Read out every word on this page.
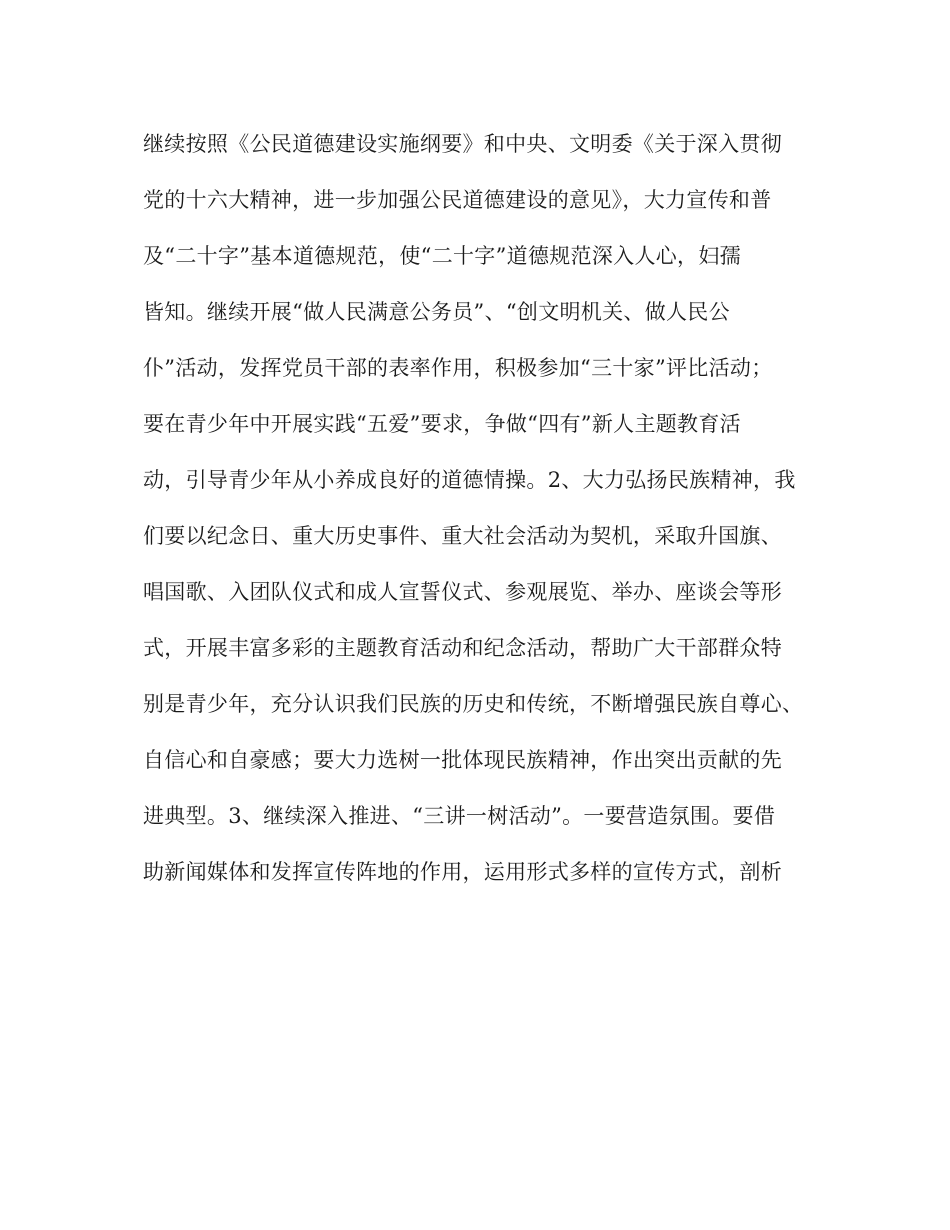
继续按照《公民道德建设实施纲要》和中央、文明委《关于深入贯彻
党的十六大精神，进一步加强公民道德建设的意见》，大力宣传和普
及“二十字”基本道德规范，使“二十字”道德规范深入人心，妇孺
皆知。继续开展“做人民满意公务员”、“创文明机关、做人民公
仆”活动，发挥党员干部的表率作用，积极参加“三十家”评比活动；
要在青少年中开展实践“五爱”要求，争做“四有”新人主题教育活
动，引导青少年从小养成良好的道德情操。2、大力弘扬民族精神，我
们要以纪念日、重大历史事件、重大社会活动为契机，采取升国旗、
唱国歌、入团队仪式和成人宣誓仪式、参观展览、举办、座谈会等形
式，开展丰富多彩的主题教育活动和纪念活动，帮助广大干部群众特
别是青少年，充分认识我们民族的历史和传统，不断增强民族自尊心、
自信心和自豪感；要大力选树一批体现民族精神，作出突出贡献的先
进典型。3、继续深入推进、“三讲一树活动”。一要营造氛围。要借
助新闻媒体和发挥宣传阵地的作用，运用形式多样的宣传方式，剖析
